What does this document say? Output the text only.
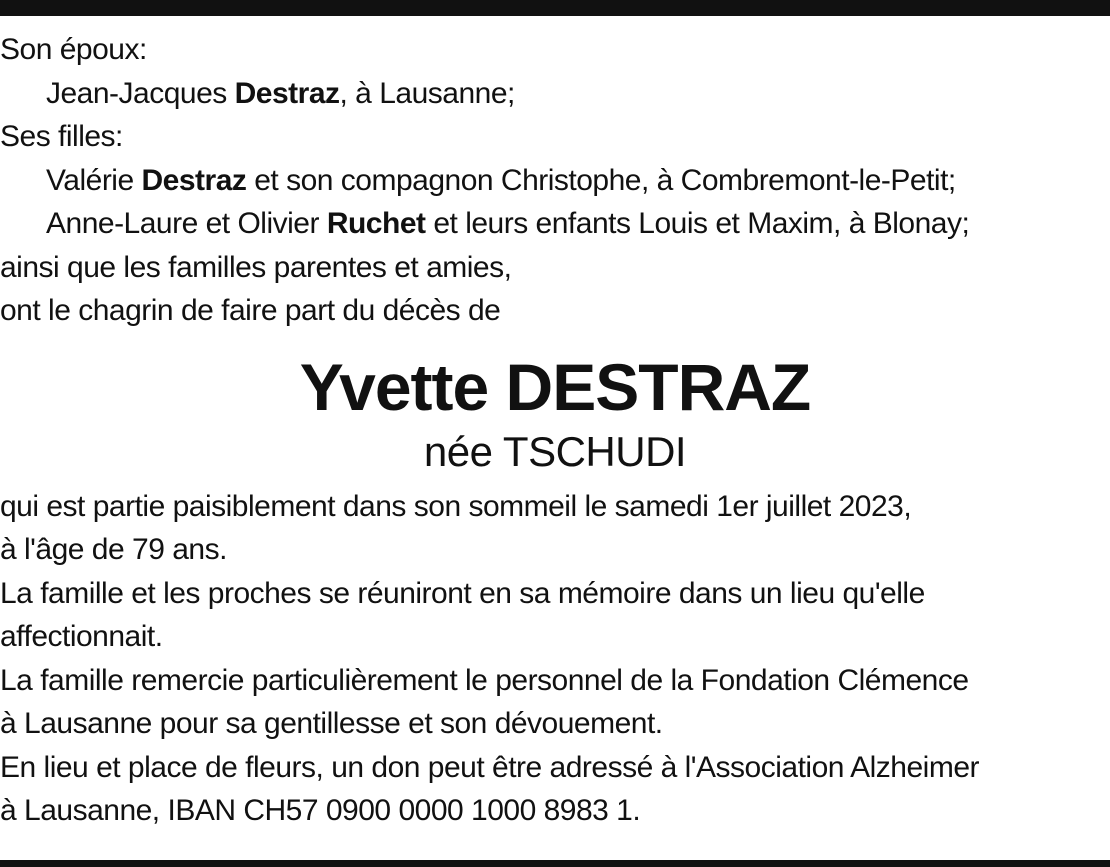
Son époux:
Jean-Jacques Destraz, à Lausanne;
Ses filles:
Valérie Destraz et son compagnon Christophe, à Combremont-le-Petit;
Anne-Laure et Olivier Ruchet et leurs enfants Louis et Maxim, à Blonay;
ainsi que les familles parentes et amies,
ont le chagrin de faire part du décès de
Yvette DESTRAZ
née TSCHUDI
qui est partie paisiblement dans son sommeil le samedi 1er juillet 2023,
à l'âge de 79 ans.
La famille et les proches se réuniront en sa mémoire dans un lieu qu'elle
affectionnait.
La famille remercie particulièrement le personnel de la Fondation Clémence
à Lausanne pour sa gentillesse et son dévouement.
En lieu et place de fleurs, un don peut être adressé à l'Association Alzheimer
à Lausanne, IBAN CH57 0900 0000 1000 8983 1.
